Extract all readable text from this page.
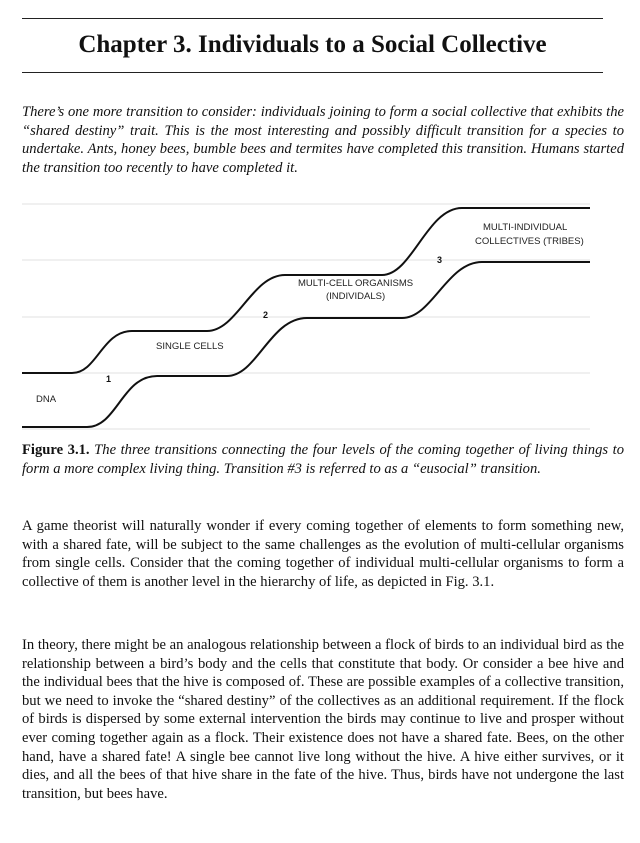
Chapter 3. Individuals to a Social Collective

There’s one more transition to consider: individuals joining to form a social collective that exhibits the “shared destiny” trait. This is the most interesting and possibly difficult transition for a species to undertake. Ants, honey bees, bumble bees and termites have completed this transition. Humans started the transition too recently to have completed it.

DNA
SINGLE CELLS
MULTI-CELL ORGANISMS
(INDIVIDALS)
MULTI-INDIVIDUAL
COLLECTIVES (TRIBES)
1
2
3

Figure 3.1. The three transitions connecting the four levels of the coming together of living things to form a more complex living thing. Transition #3 is referred to as a “eusocial” transition.

A game theorist will naturally wonder if every coming together of elements to form something new, with a shared fate, will be subject to the same challenges as the evolution of multi-cellular organisms from single cells. Consider that the coming together of individual multi-cellular organisms to form a collective of them is another level in the hierarchy of life, as depicted in Fig. 3.1.

In theory, there might be an analogous relationship between a flock of birds to an individual bird as the relationship between a bird’s body and the cells that constitute that body. Or consider a bee hive and the individual bees that the hive is composed of. These are possible examples of a collective transition, but we need to invoke the “shared destiny” of the collectives as an additional requirement. If the flock of birds is dispersed by some external intervention the birds may continue to live and prosper without ever coming together again as a flock. Their existence does not have a shared fate. Bees, on the other hand, have a shared fate! A single bee cannot live long without the hive. A hive either survives, or it dies, and all the bees of that hive share in the fate of the hive. Thus, birds have not undergone the last transition, but bees have.
